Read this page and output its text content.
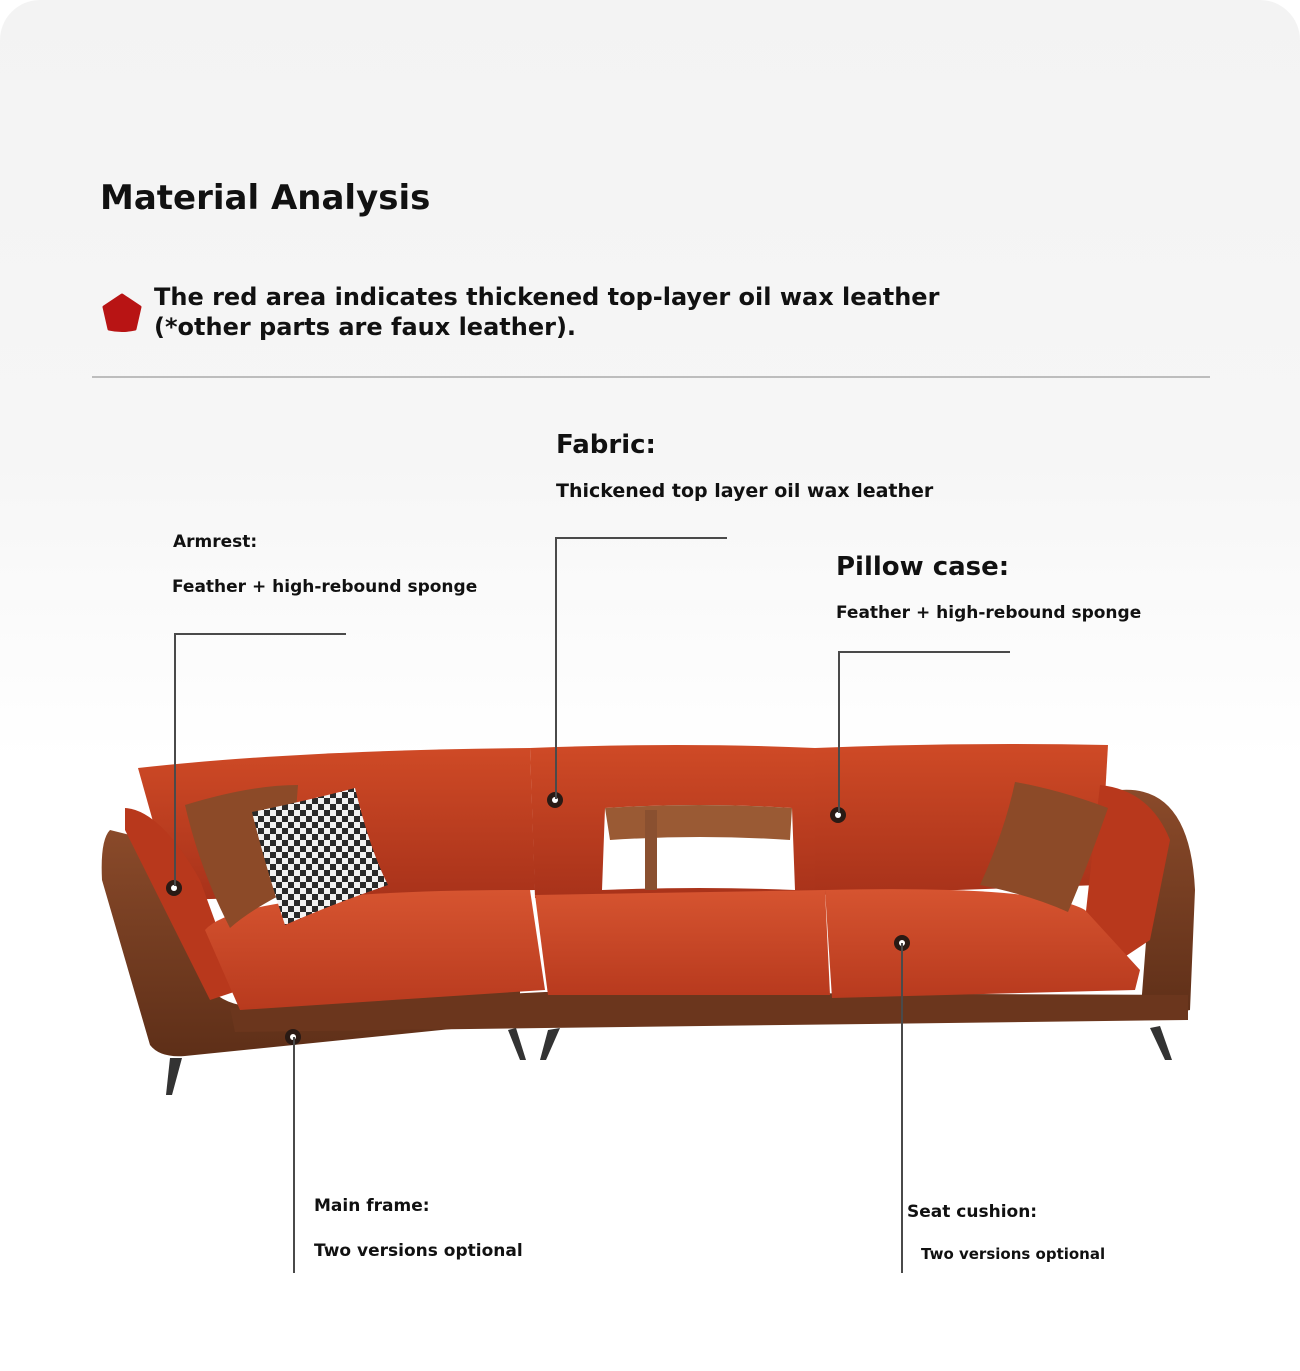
Material Analysis
The red area indicates thickened top-layer oil wax leather
(*other parts are faux leather).

Fabric:
Thickened top layer oil wax leather
Armrest:
Feather + high-rebound sponge
Pillow case:
Feather + high-rebound sponge
Main frame:
Two versions optional
Seat cushion:
Two versions optional
